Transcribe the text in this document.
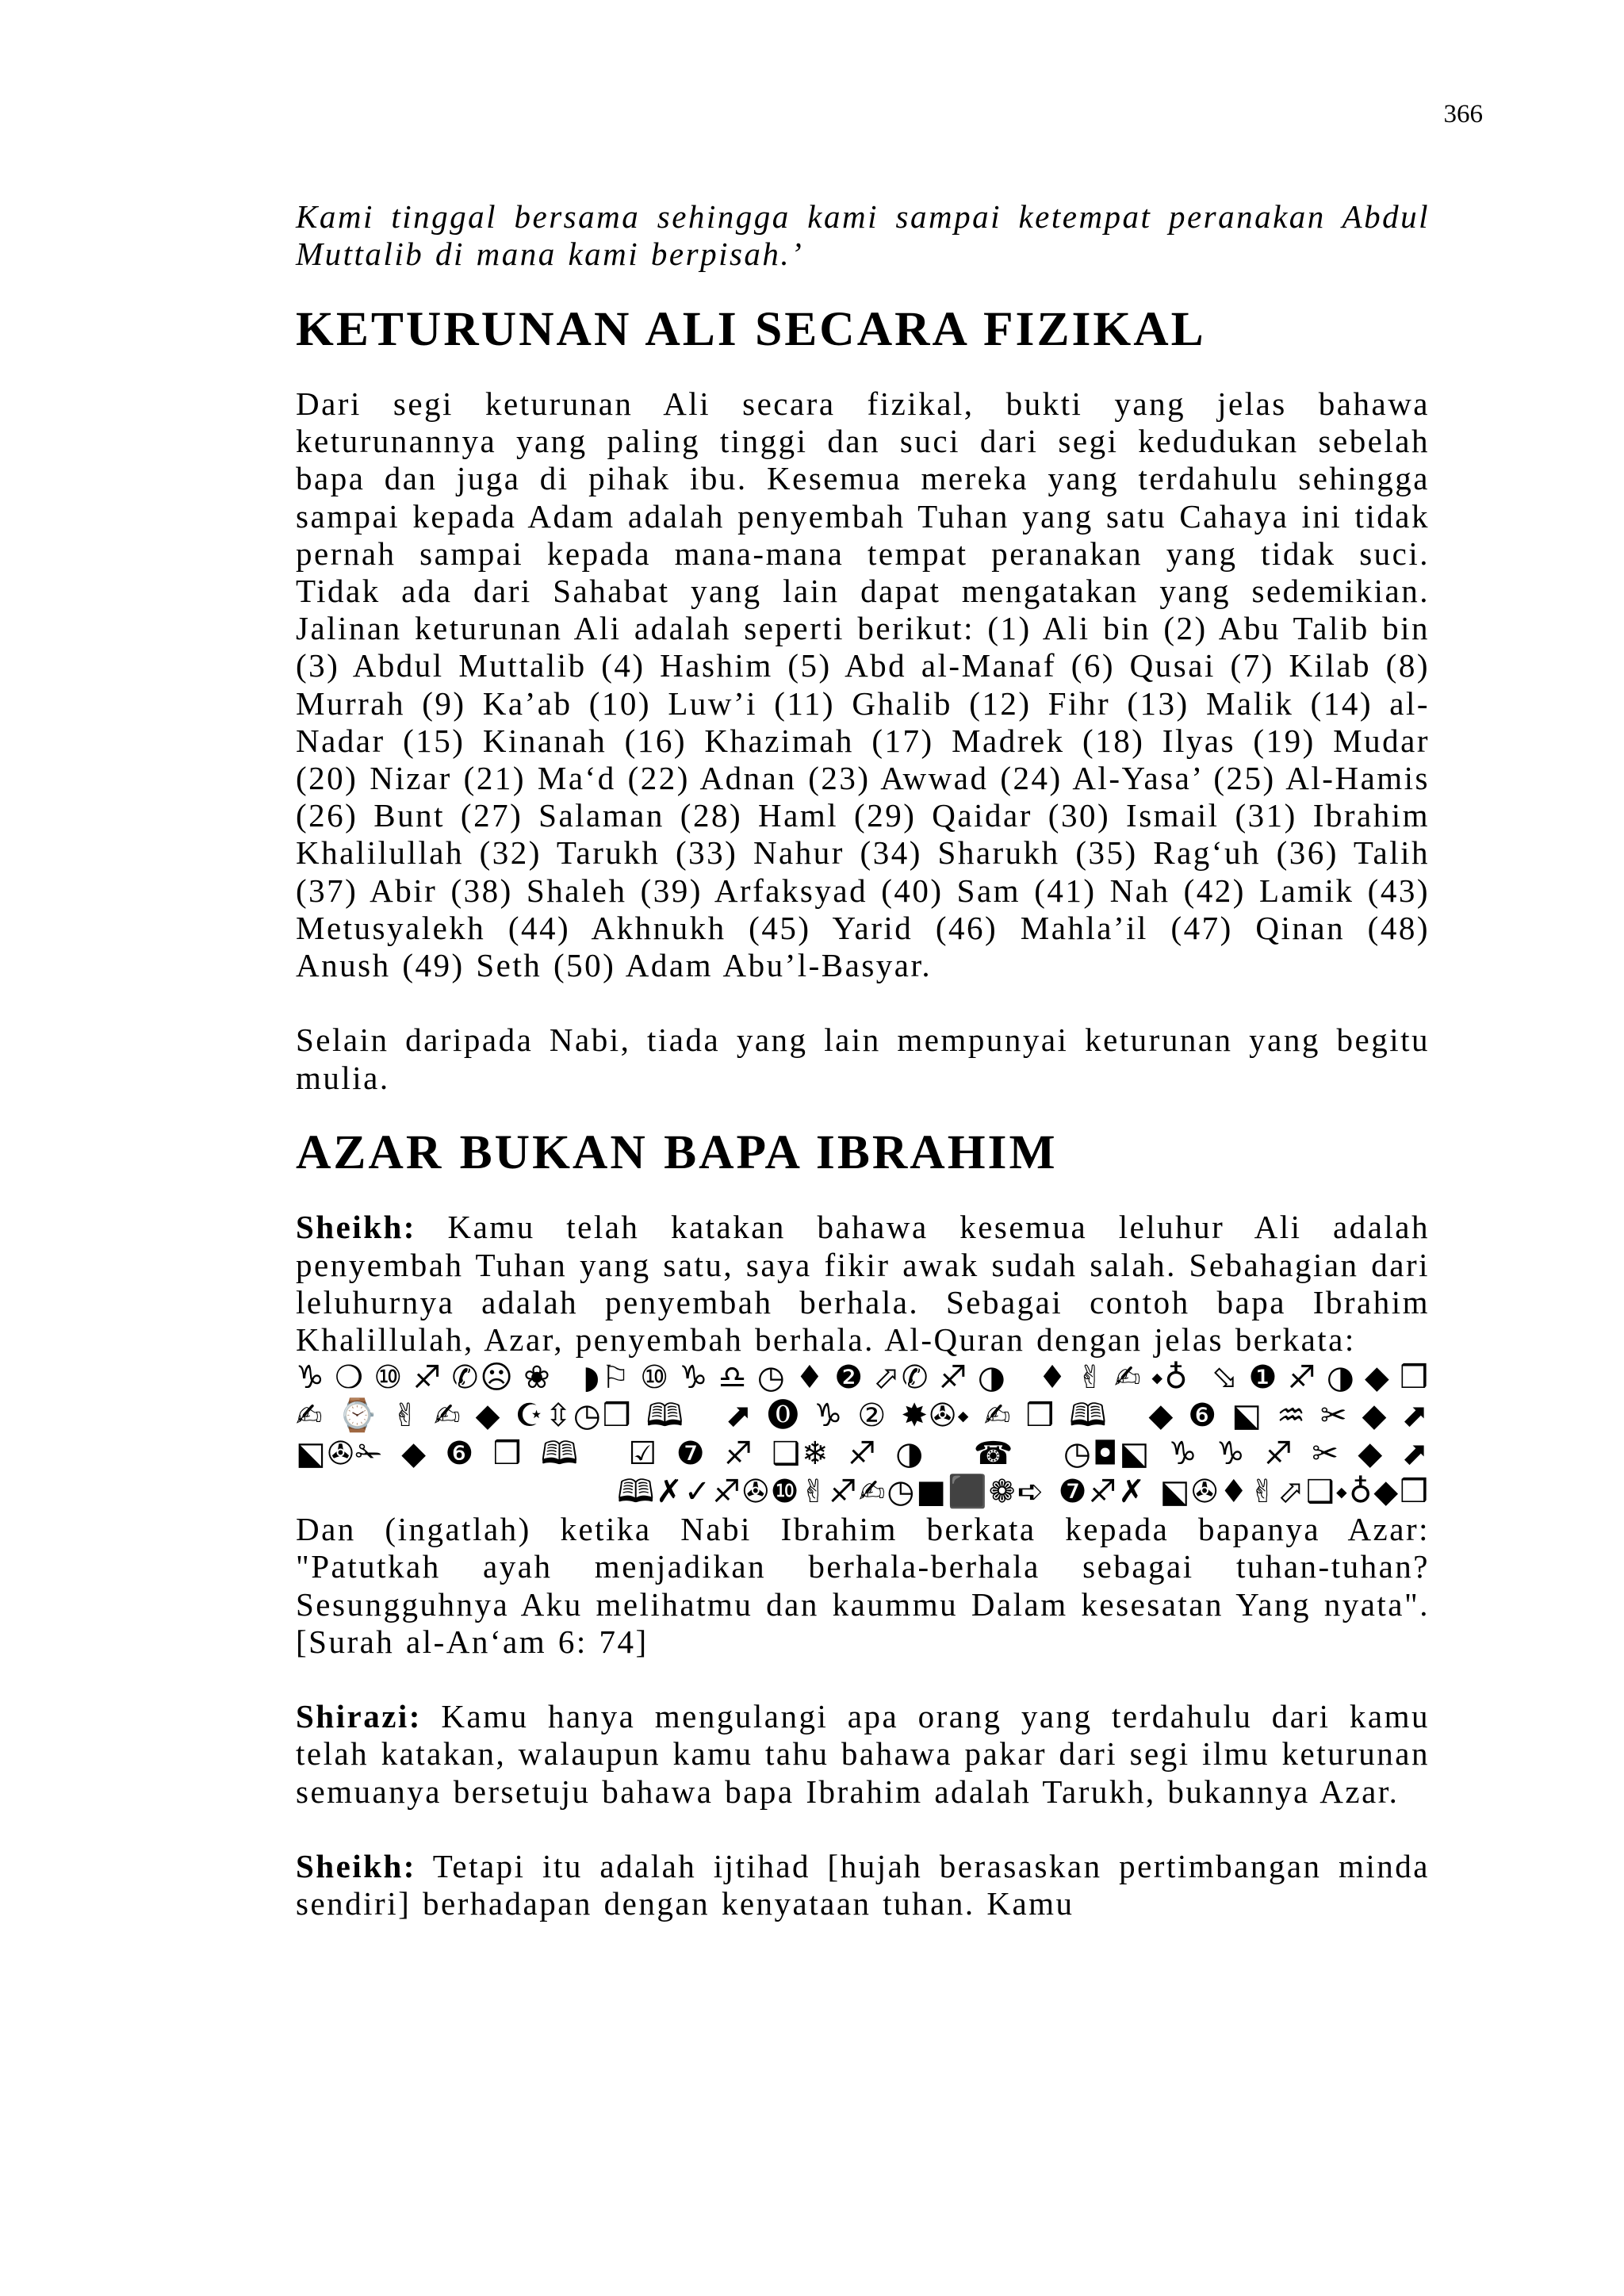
366

Kami tinggal bersama sehingga kami sampai ketempat peranakan Abdul Muttalib di mana kami berpisah.’

KETURUNAN ALI SECARA FIZIKAL

Dari segi keturunan Ali secara fizikal, bukti yang jelas bahawa keturunannya yang paling tinggi dan suci dari segi kedudukan sebelah bapa dan juga di pihak ibu. Kesemua mereka yang terdahulu sehingga sampai kepada Adam adalah penyembah Tuhan yang satu Cahaya ini tidak pernah sampai kepada mana-mana tempat peranakan yang tidak suci. Tidak ada dari Sahabat yang lain dapat mengatakan yang sedemikian. Jalinan keturunan Ali adalah seperti berikut: (1) Ali bin (2) Abu Talib bin (3) Abdul Muttalib (4) Hashim (5) Abd al-Manaf (6) Qusai (7) Kilab (8) Murrah (9) Ka’ab (10) Luw’i (11) Ghalib (12) Fihr (13) Malik (14) al-Nadar (15) Kinanah (16) Khazimah (17) Madrek (18) Ilyas (19) Mudar (20) Nizar (21) Ma‘d (22) Adnan (23) Awwad (24) Al-Yasa’ (25) Al-Hamis (26) Bunt (27) Salaman (28) Haml (29) Qaidar (30) Ismail (31) Ibrahim Khalilullah (32) Tarukh (33) Nahur (34) Sharukh (35) Rag‘uh (36) Talih (37) Abir (38) Shaleh (39) Arfaksyad (40) Sam (41) Nah (42) Lamik (43) Metusyalekh (44) Akhnukh (45) Yarid (46) Mahla’il (47) Qinan (48) Anush (49) Seth (50) Adam Abu’l-Basyar.

Selain daripada Nabi, tiada yang lain mempunyai keturunan yang begitu mulia.

AZAR BUKAN BAPA IBRAHIM

Sheikh: Kamu telah katakan bahawa kesemua leluhur Ali adalah penyembah Tuhan yang satu, saya fikir awak sudah salah. Sebahagian dari leluhurnya adalah penyembah berhala. Sebagai contoh bapa Ibrahim Khalillulah, Azar, penyembah berhala. Al-Quran dengan jelas berkata:

♑❍⑩♐✆☹❀ ◗⚐⑩♑♎◷♦❷⬀✆♐◑ ♦✌✍⬩♁ ⬂❶♐◑◆❒
✍⌚✌✍◆☪⇳◷❒🕮 ⬈⓿♑②✸✇⬩✍❒🕮 ◆❻⬕♒✂◆⬈
⬕✇✁◆❻❒🕮 ☑❼♐❑❄♐◑ ☎ ◷◘⬕♑♑♐✂◆⬈
🕮✗✓♐✇❿✌♐✍◷■⬛❁➪ ❼♐✗ ⬕✇♦✌⬀❑⬩♁◆❒

Dan (ingatlah) ketika Nabi Ibrahim berkata kepada bapanya Azar: "Patutkah ayah menjadikan berhala-berhala sebagai tuhan-tuhan? Sesungguhnya Aku melihatmu dan kaummu Dalam kesesatan Yang nyata". [Surah al-An‘am 6: 74]

Shirazi: Kamu hanya mengulangi apa orang yang terdahulu dari kamu telah katakan, walaupun kamu tahu bahawa pakar dari segi ilmu keturunan semuanya bersetuju bahawa bapa Ibrahim adalah Tarukh, bukannya Azar.

Sheikh: Tetapi itu adalah ijtihad [hujah berasaskan pertimbangan minda sendiri] berhadapan dengan kenyataan tuhan. Kamu
